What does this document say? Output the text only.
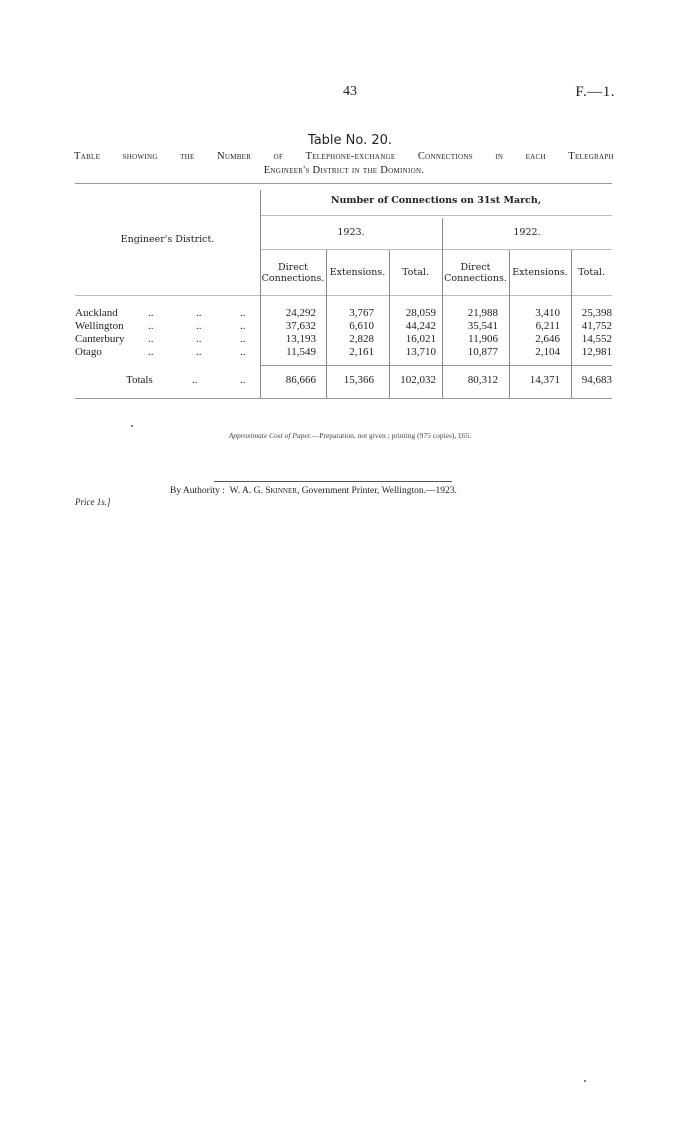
43	F.—1.
Table No. 20.
Table showing the Number of Telephone-exchange Connections in each Telegraph
Engineer's District in the Dominion.
Engineer's District.
Number of Connections on 31st March,
1923.	1922.
Direct
Connections.
Extensions.	Total.	Direct
Connections.
Extensions.	Total.
Auckland	..	..	..	24,292	3,767	28,059	21,988	3,410	25,398
Wellington ..	..	..	37,632	6,610	44,242	35,541	6,211	41,752
Canterbury ..	..	..	13,193	2,828	16,021	11,906	2,646	14,552
Otago	..	..	..	11,549	2,161	13,710	10,877	2,104	12,981
Totals	..	..	86,666	15,366	102,032	80,312	14,371	94,683
Approximate Cost of Paper.—Preparation, not given ; printing (975 copies), £65.
By Authority : W. A. G. Skinner, Government Printer, Wellington.—1923.
Price 1s.]
